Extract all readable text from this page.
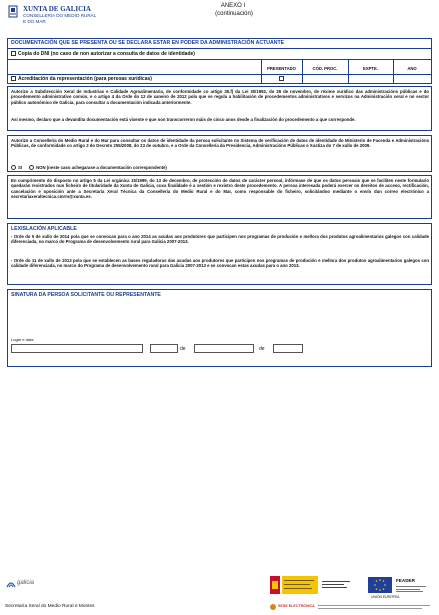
XUNTA DE GALICIA
CONSELLERÍA DO MEDIO RURAL
E DO MAR
ANEXO I
(continuación)
DOCUMENTACIÓN QUE SE PRESENTA OU SE DECLARA ESTAR EN PODER DA ADMINISTRACIÓN ACTUANTE
Copia do DNI (no caso de non autorizar a consulta de datos de identidade)
PRESENTADO	CÓD. PROC.	EXPTE.	ANO
Acreditación da representación (para persoas xurídicas)
Autorizo a Subdirección Xeral de Industrias e Calidade Agroalimentaria, de conformidade co artigo 35.f) da Lei 30/1992, do 26 de novembro, de réxime xurídico das administracións públicas e do procedemento administrativo común, e o artigo 4 da Orde do 12 de xaneiro de 2012 pola que se regula a habilitación de procedementos administrativos e servizos na Administración xeral e no sector público autonómico de Galicia, para consultar a documentación indicada anteriormente.
Así mesmo, declaro que a devandita documentación está vixente e que non transcorreron máis de cinco anos desde a finalización do procedemento a que corresponde.
Autorizo a Consellería do Medio Rural e do Mar para consultar os datos de identidade da persoa solicitante no Sistema de verificación de datos de identidade do Ministerio de Facenda e Administracións Públicas, de conformidade co artigo 2 do Decreto 255/2008, do 23 de outubro, e a Orde da Consellería da Presidencia, Administracións Públicas e Xustiza do 7 de xullo de 2009.
SI	NON (neste caso achegarase a documentación correspondente)
En cumprimento do disposto no artigo 5 da Lei orgánica 15/1999, do 13 de decembro, de protección de datos de carácter persoal, infórmase de que os datos persoais que se faciliten neste formulario quedarán rexistrados nun ficheiro de titularidade da Xunta de Galicia, cuxa finalidade é a xestión e rexistro deste procedemento. A persoa interesada poderá exercer os dereitos de acceso, rectificación, cancelación e oposición ante a Secretaría Xeral Técnica da Consellería do Medio Rural e do Mar, como responsable do ficheiro, solicitándoo mediante o envío dun correo electrónico a secretariaxeraltecnica.cmrm@xunta.es.
LEXISLACIÓN APLICABLE
- Orde do 5 de xullo de 2014 pola que se convocan para o ano 2014 as axudas aos produtores que participen nos programas de produción e mellora dos produtos agroalimentarios galegos con calidade diferenciada, no marco do Programa de desenvolvemento rural para Galicia 2007-2013.
- Orde do 11 de xullo de 2013 pola que se establecen as bases reguladoras das axudas aos produtores que participen nos programas de produción e mellora dos produtos agroalimentarios galegos con calidade diferenciada, no marco do Programa de desenvolvemento rural para Galicia 2007-2013 e se convocan estas axudas para o ano 2013.
SINATURA DA PERSOA SOLICITANTE OU REPRESENTANTE
Lugar e data
de	de
galicia
Secretaría Xeral do Medio Rural e Montes
FEADER
UNIÓN EUROPEA
SEDE ELECTRÓNICA
